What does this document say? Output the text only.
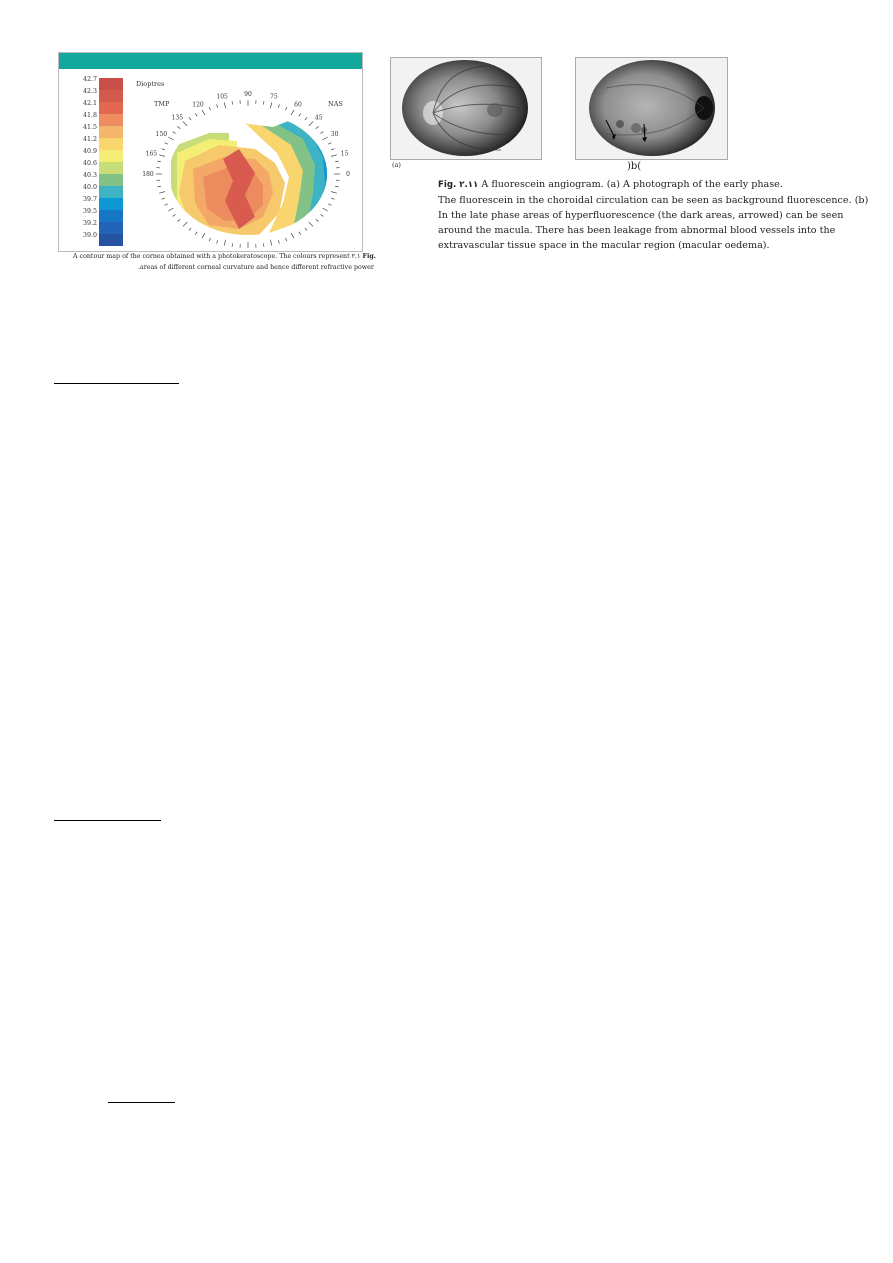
42.7
42.3
42.1
41.8
41.5
41.2
40.9
40.6
40.3
40.0
39.7
39.5
39.2
39.0
Dioptres
TMP	NAS
0
15
30
45
60
75
90
105
120
135
150
165
180
A contour map of the cornea obtained with a photokeratoscope. The colours represent ٢.١ Fig.
.areas of different corneal curvature and hence different refractive power
(a)	)b(
Fig. ٢.١١ A fluorescein angiogram. (a) A photograph of the early phase.
The fluorescein in the choroidal circulation can be seen as background fluorescence. (b)
In the late phase areas of hyperfluorescence (the dark areas, arrowed) can be seen
around the macula. There has been leakage from abnormal blood vessels into the
extravascular tissue space in the macular region (macular oedema).
